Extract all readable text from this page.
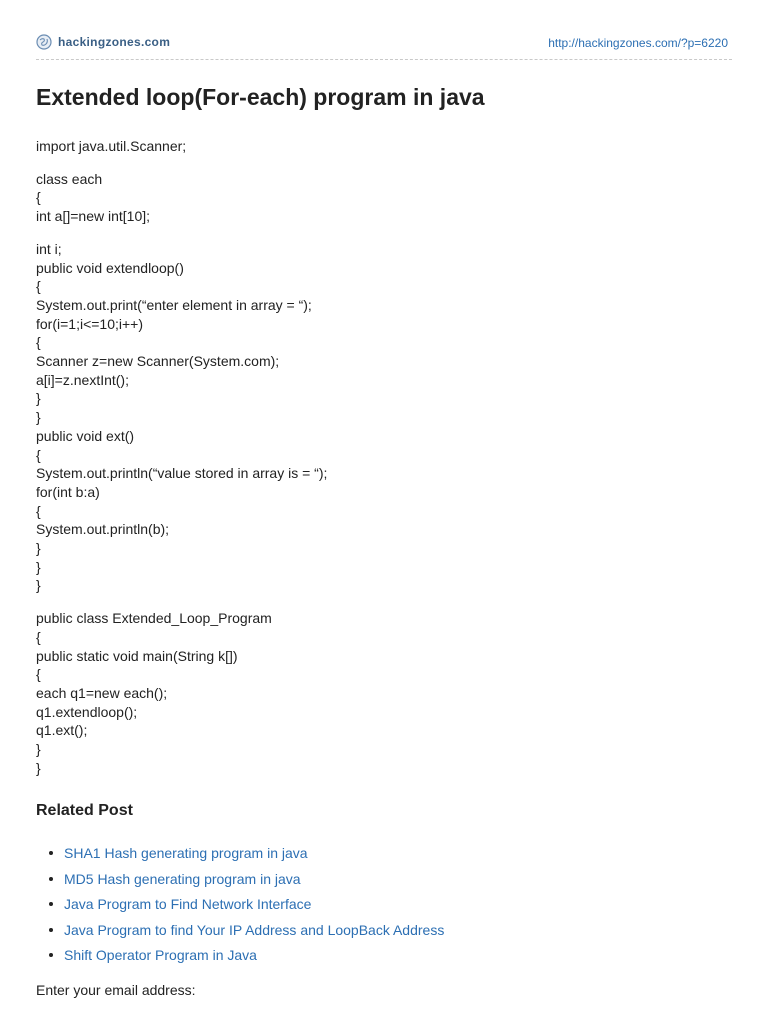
hackingzones.com	http://hackingzones.com/?p=6220
Extended loop(For-each) program in java
import java.util.Scanner;
class each
{
int a[]=new int[10];
int i;
public void extendloop()
{
System.out.print(“enter element in array = “);
for(i=1;i<=10;i++)
{
Scanner z=new Scanner(System.com);
a[i]=z.nextInt();
}
}
public void ext()
{
System.out.println(“value stored in array is = “);
for(int b:a)
{
System.out.println(b);
}
}
}
public class Extended_Loop_Program
{
public static void main(String k[])
{
each q1=new each();
q1.extendloop();
q1.ext();
}
}
Related Post
SHA1 Hash generating program in java
MD5 Hash generating program in java
Java Program to Find Network Interface
Java Program to find Your IP Address and LoopBack Address
Shift Operator Program in Java
Enter your email address:
